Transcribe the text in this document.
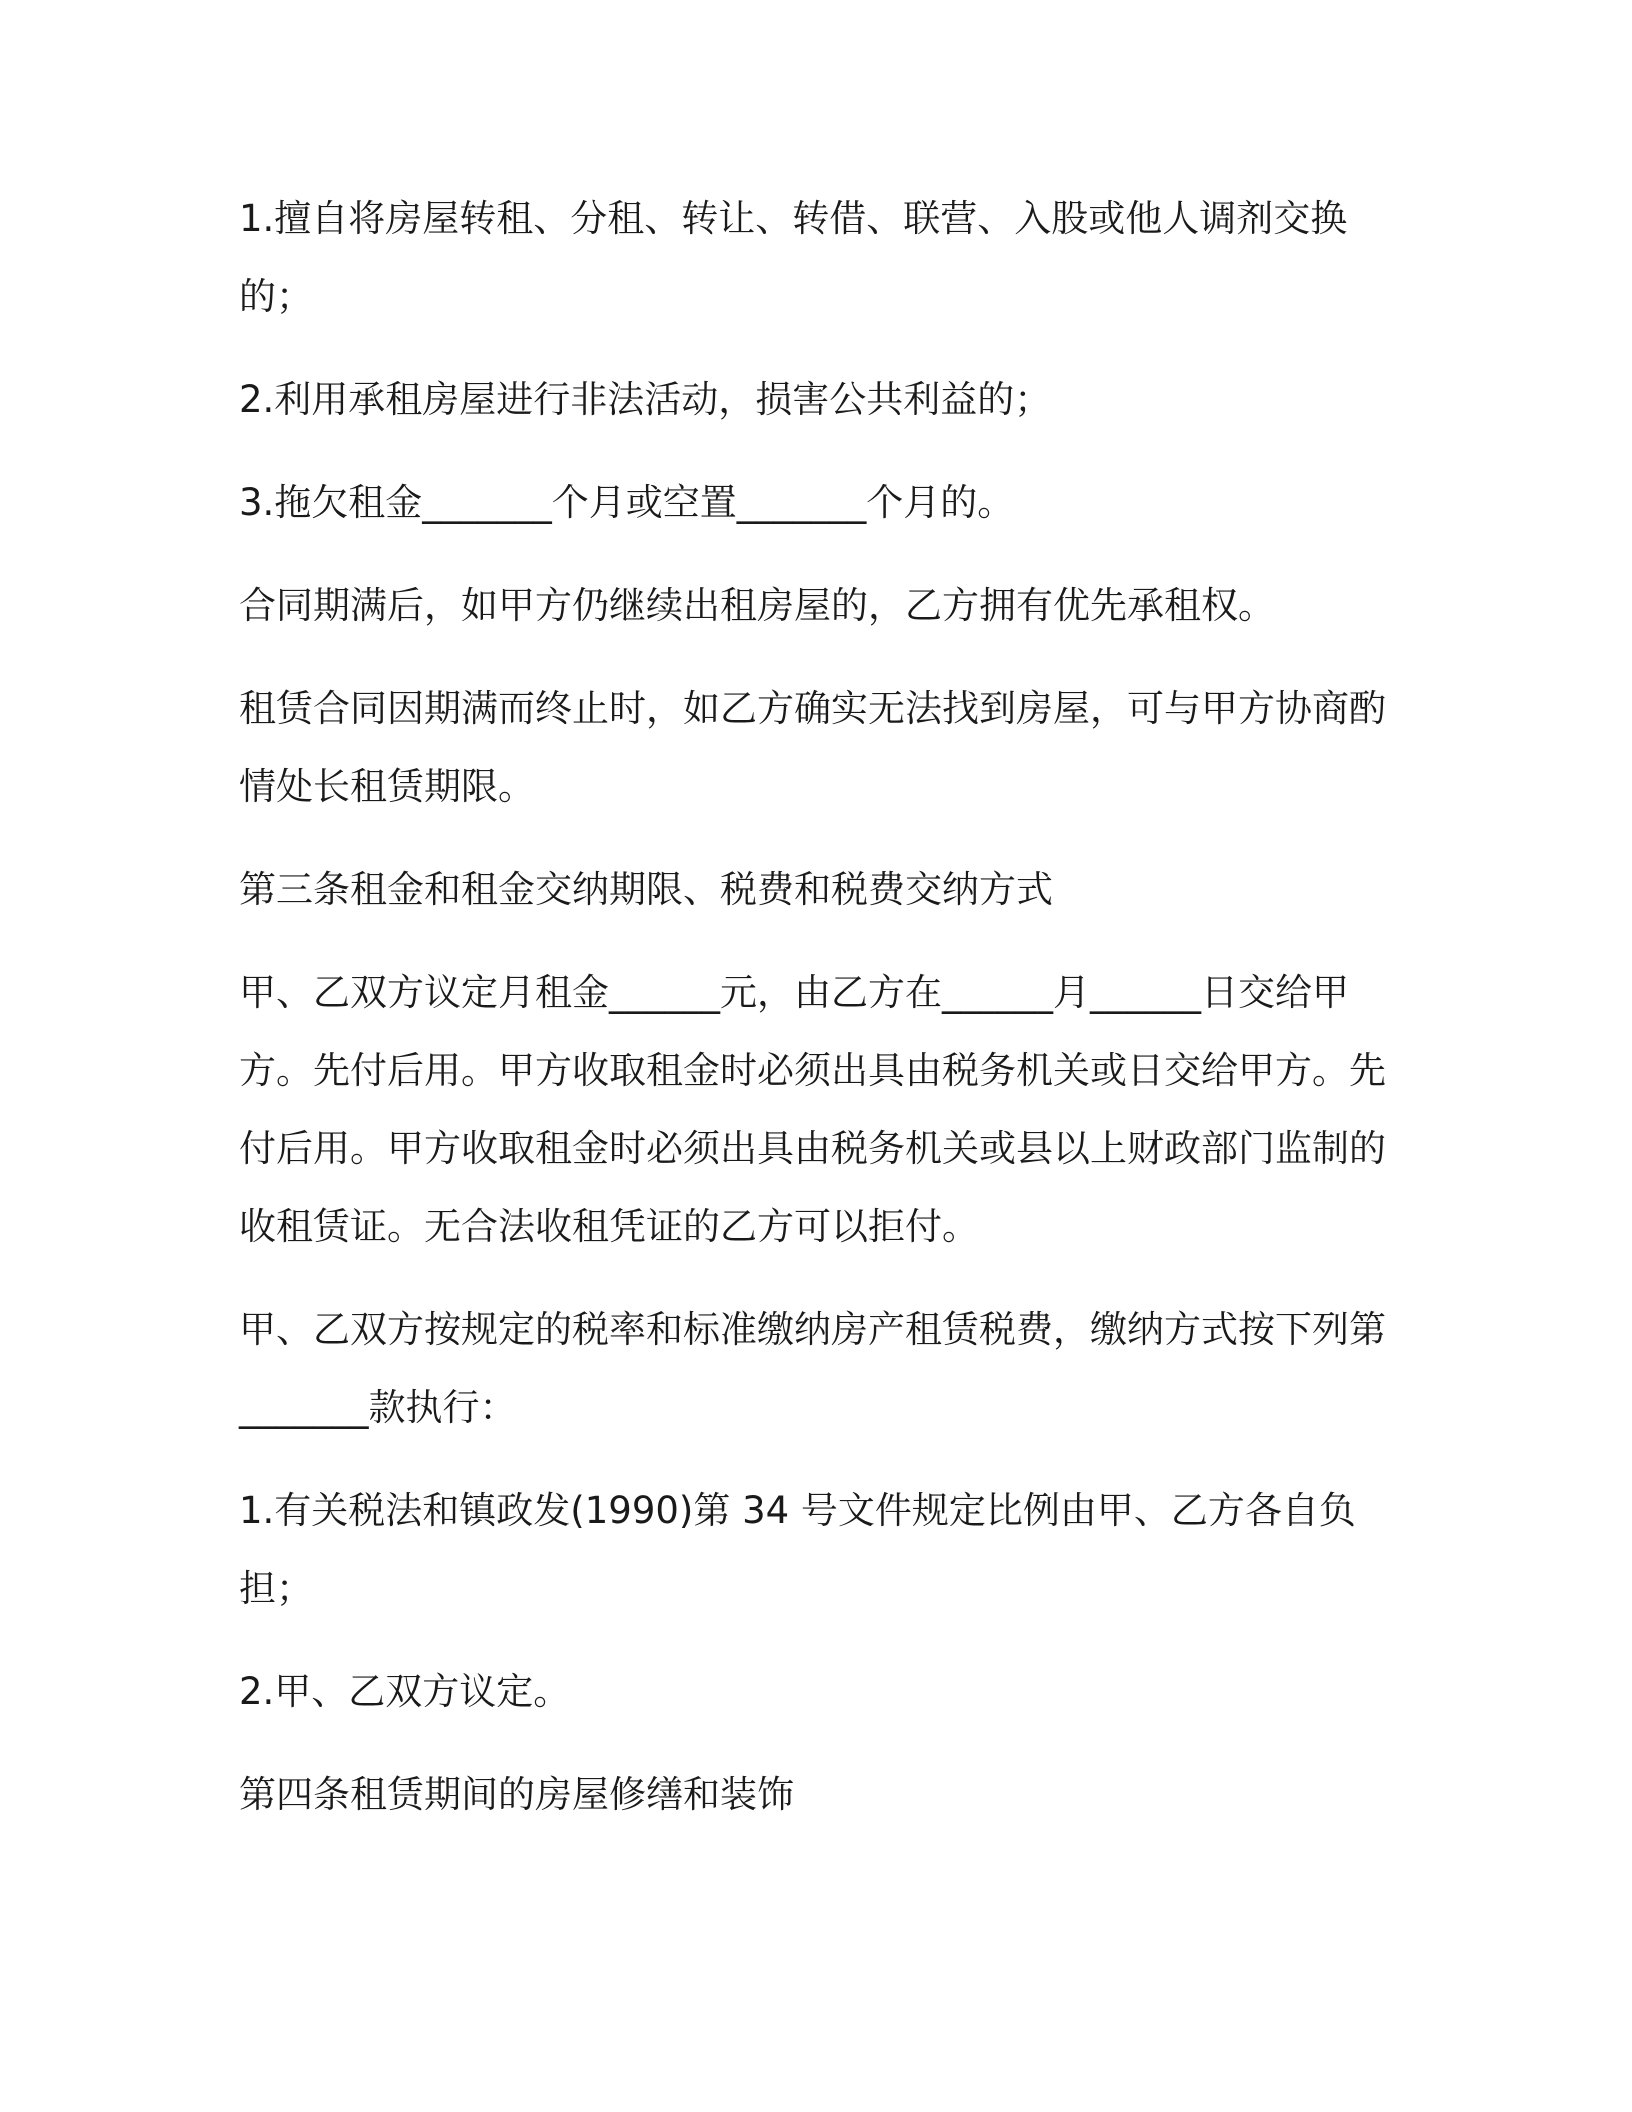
1.擅自将房屋转租、分租、转让、转借、联营、入股或他人调剂交换的；

2.利用承租房屋进行非法活动，损害公共利益的；

3.拖欠租金_______个月或空置_______个月的。

合同期满后，如甲方仍继续出租房屋的，乙方拥有优先承租权。

租赁合同因期满而终止时，如乙方确实无法找到房屋，可与甲方协商酌情处长租赁期限。

第三条租金和租金交纳期限、税费和税费交纳方式

甲、乙双方议定月租金______元，由乙方在______月______日交给甲方。先付后用。甲方收取租金时必须出具由税务机关或日交给甲方。先付后用。甲方收取租金时必须出具由税务机关或县以上财政部门监制的收租赁证。无合法收租凭证的乙方可以拒付。

甲、乙双方按规定的税率和标准缴纳房产租赁税费，缴纳方式按下列第_______款执行：

1.有关税法和镇政发(1990)第 34 号文件规定比例由甲、乙方各自负担；

2.甲、乙双方议定。

第四条租赁期间的房屋修缮和装饰
